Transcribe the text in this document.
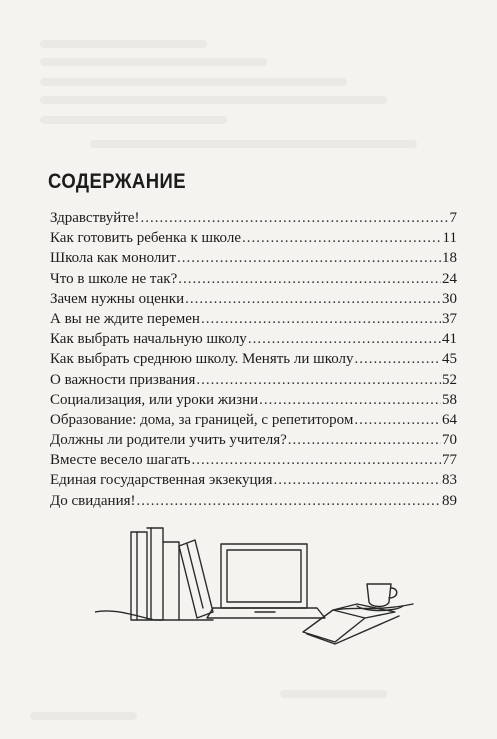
СОДЕРЖАНИЕ
Здравствуйте! .....	7
Как готовить ребенка к школе .....	11
Школа как монолит .....	18
Что в школе не так? .....	24
Зачем нужны оценки .....	30
А вы не ждите перемен .....	37
Как выбрать начальную школу .....	41
Как выбрать среднюю школу. Менять ли школу .....	45
О важности призвания .....	52
Социализация, или уроки жизни .....	58
Образование: дома, за границей, с репетитором .....	64
Должны ли родители учить учителя? .....	70
Вместе весело шагать .....	77
Единая государственная экзекуция .....	83
До свидания! .....	89
